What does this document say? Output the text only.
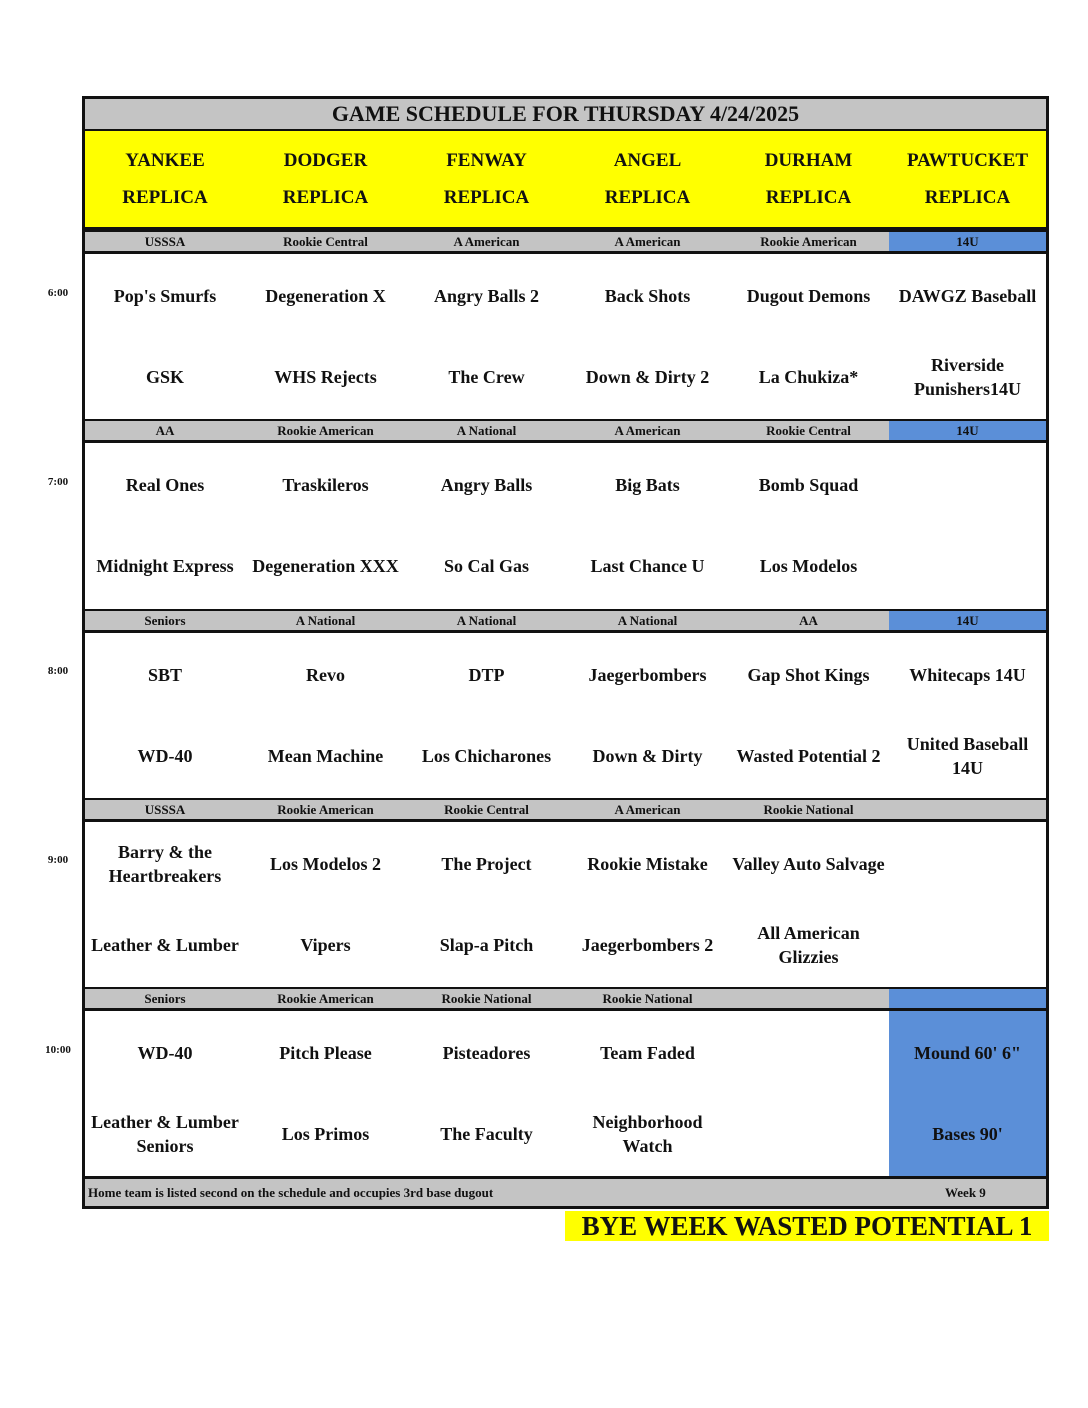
GAME SCHEDULE FOR THURSDAY 4/24/2025
YANKEE
REPLICA
DODGER
REPLICA
FENWAY
REPLICA
ANGEL
REPLICA
DURHAM
REPLICA
PAWTUCKET
REPLICA
USSSA
Pop's Smurfs
GSK
Rookie Central
Degeneration X
WHS Rejects
A American
Angry Balls 2
The Crew
A American
Back Shots
Down & Dirty 2
Rookie American
Dugout Demons
La Chukiza*
14U
DAWGZ Baseball
Riverside Punishers14U
AA
Real Ones
Midnight Express
Rookie American
Traskileros
Degeneration XXX
A National
Angry Balls
So Cal Gas
A American
Big Bats
Last Chance U
Rookie Central
Bomb Squad
Los Modelos
14U
Seniors
SBT
WD-40
A National
Revo
Mean Machine
A National
DTP
Los Chicharones
A National
Jaegerbombers
Down & Dirty
AA
Gap Shot Kings
Wasted Potential 2
14U
Whitecaps 14U
United Baseball 14U
USSSA
Barry & the Heartbreakers
Leather & Lumber
Rookie American
Los Modelos 2
Vipers
Rookie Central
The Project
Slap-a Pitch
A American
Rookie Mistake
Jaegerbombers 2
Rookie National
Valley Auto Salvage
All American Glizzies
Seniors
WD-40
Leather & Lumber Seniors
Rookie American
Pitch Please
Los Primos
Rookie National
Pisteadores
The Faculty
Rookie National
Team Faded
Neighborhood Watch
Mound 60' 6"
Bases 90'
Home team is listed second on the schedule and occupies 3rd base dugout	Week 9
6:00
7:00
8:00
9:00
10:00
BYE WEEK WASTED POTENTIAL 1
